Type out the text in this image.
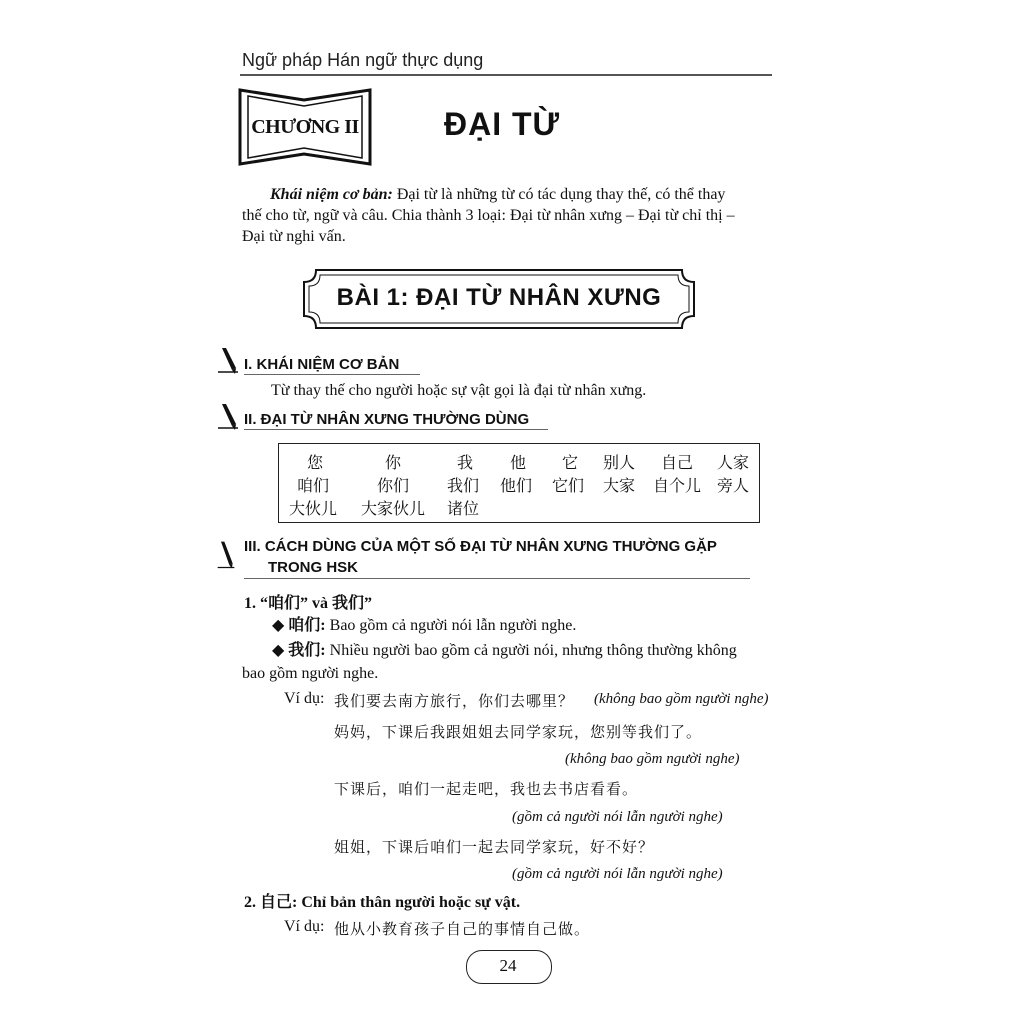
Ngữ pháp Hán ngữ thực dụng
CHƯƠNG II	ĐẠI TỪ
Khái niệm cơ bản: Đại từ là những từ có tác dụng thay thế, có thể thay
thế cho từ, ngữ và câu. Chia thành 3 loại: Đại từ nhân xưng – Đại từ chỉ thị –
Đại từ nghi vấn.
BÀI 1: ĐẠI TỪ NHÂN XƯNG
I. KHÁI NIỆM CƠ BẢN
Từ thay thế cho người hoặc sự vật gọi là đại từ nhân xưng.
II. ĐẠI TỪ NHÂN XƯNG THƯỜNG DÙNG
您	你	我 他 它 别人 自己 人家
咱们	你们 我们 他们 它们 大家 自个儿 旁人
大伙儿 大家伙儿 诸位
III. CÁCH DÙNG CỦA MỘT SỐ ĐẠI TỪ NHÂN XƯNG THƯỜNG GẶP
TRONG HSK
1. “咱们” và 我们”
◆ 咱们: Bao gồm cả người nói lẫn người nghe.
◆ 我们: Nhiều người bao gồm cả người nói, nhưng thông thường không
bao gồm người nghe.
Ví dụ: 我们要去南方旅行，你们去哪里？ (không bao gồm người nghe)
妈妈，下课后我跟姐姐去同学家玩，您别等我们了。
(không bao gồm người nghe)
下课后，咱们一起走吧，我也去书店看看。
(gồm cả người nói lẫn người nghe)
姐姐，下课后咱们一起去同学家玩，好不好？
(gồm cả người nói lẫn người nghe)
2. 自己: Chỉ bản thân người hoặc sự vật.
Ví dụ: 他从小教育孩子自己的事情自己做。
24
